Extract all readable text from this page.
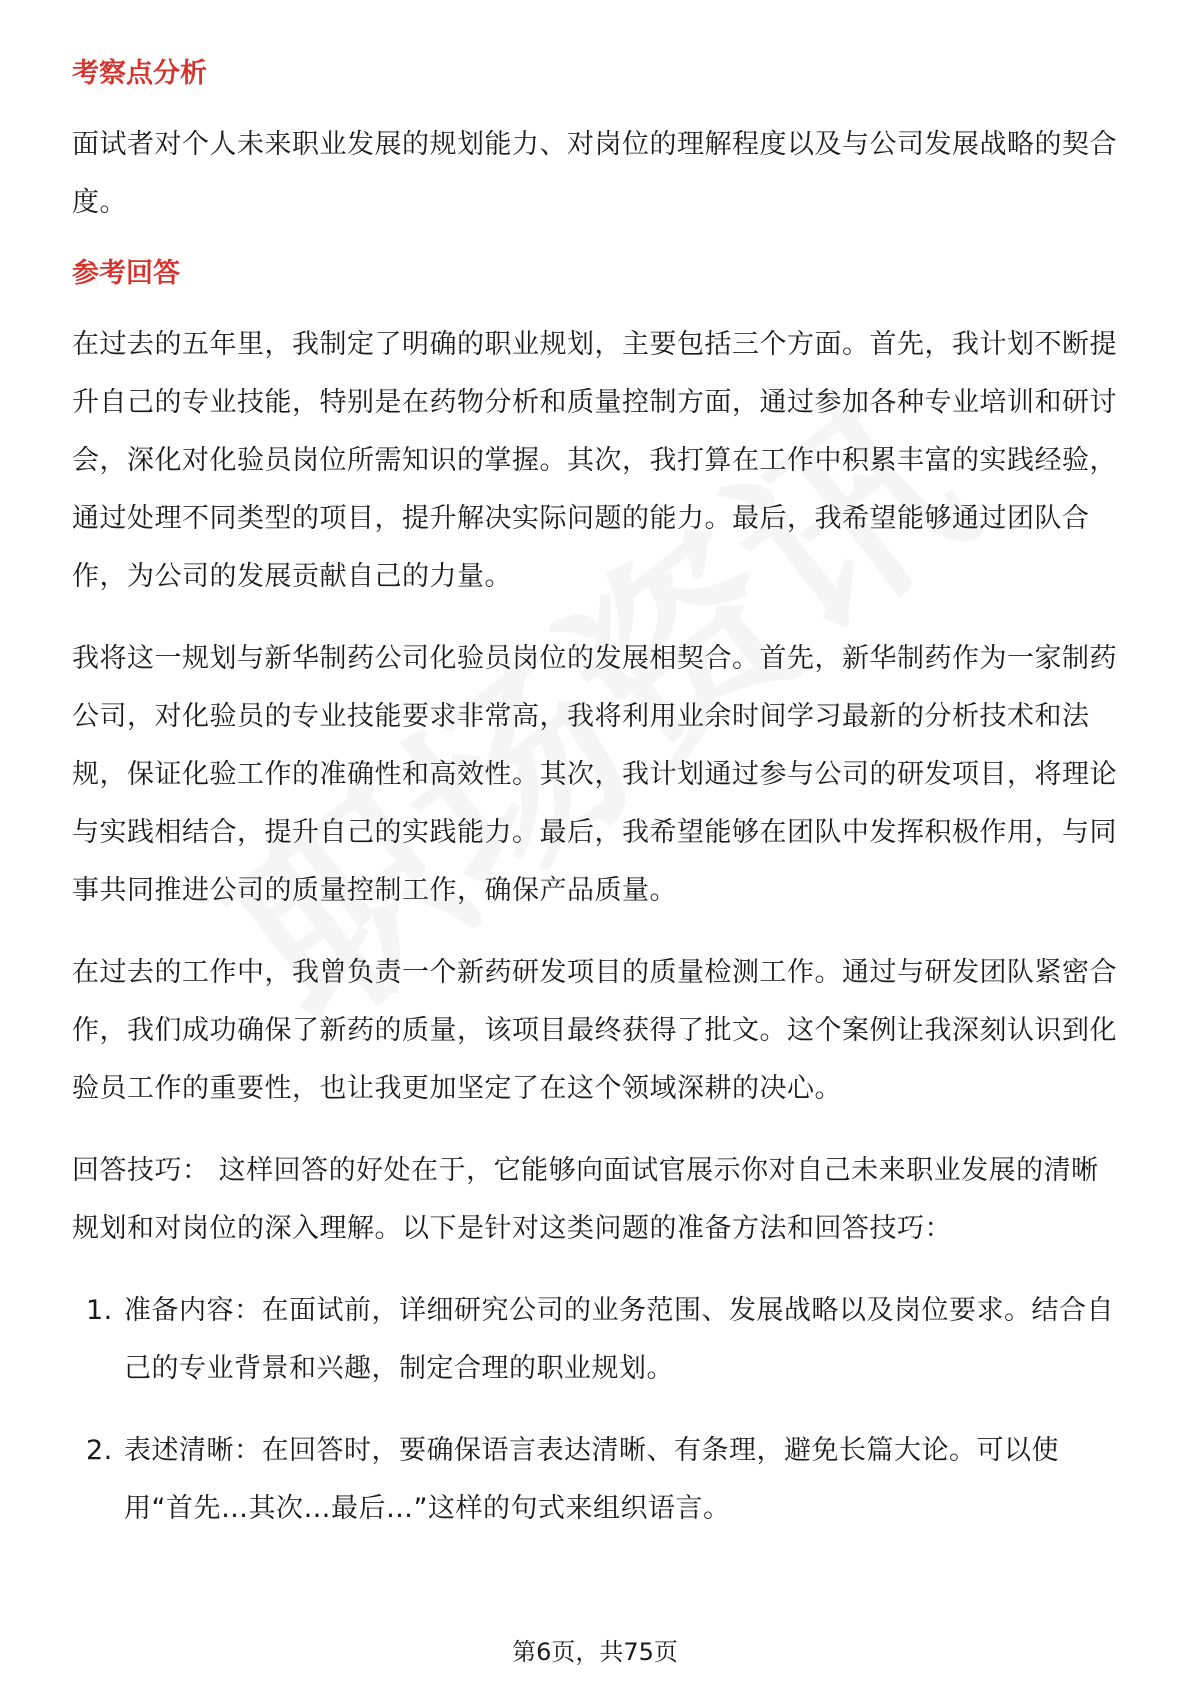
考察点分析

面试者对个人未来职业发展的规划能力、对岗位的理解程度以及与公司发展战略的契合度。

参考回答

在过去的五年里，我制定了明确的职业规划，主要包括三个方面。首先，我计划不断提升自己的专业技能，特别是在药物分析和质量控制方面，通过参加各种专业培训和研讨会，深化对化验员岗位所需知识的掌握。其次，我打算在工作中积累丰富的实践经验，通过处理不同类型的项目，提升解决实际问题的能力。最后，我希望能够通过团队合作，为公司的发展贡献自己的力量。

我将这一规划与新华制药公司化验员岗位的发展相契合。首先，新华制药作为一家制药公司，对化验员的专业技能要求非常高，我将利用业余时间学习最新的分析技术和法规，保证化验工作的准确性和高效性。其次，我计划通过参与公司的研发项目，将理论与实践相结合，提升自己的实践能力。最后，我希望能够在团队中发挥积极作用，与同事共同推进公司的质量控制工作，确保产品质量。

在过去的工作中，我曾负责一个新药研发项目的质量检测工作。通过与研发团队紧密合作，我们成功确保了新药的质量，该项目最终获得了批文。这个案例让我深刻认识到化验员工作的重要性，也让我更加坚定了在这个领域深耕的决心。

回答技巧： 这样回答的好处在于，它能够向面试官展示你对自己未来职业发展的清晰规划和对岗位的深入理解。以下是针对这类问题的准备方法和回答技巧：

1. 准备内容：在面试前，详细研究公司的业务范围、发展战略以及岗位要求。结合自己的专业背景和兴趣，制定合理的职业规划。
2. 表述清晰：在回答时，要确保语言表达清晰、有条理，避免长篇大论。可以使用“首先…其次…最后…”这样的句式来组织语言。
第6页，共75页
